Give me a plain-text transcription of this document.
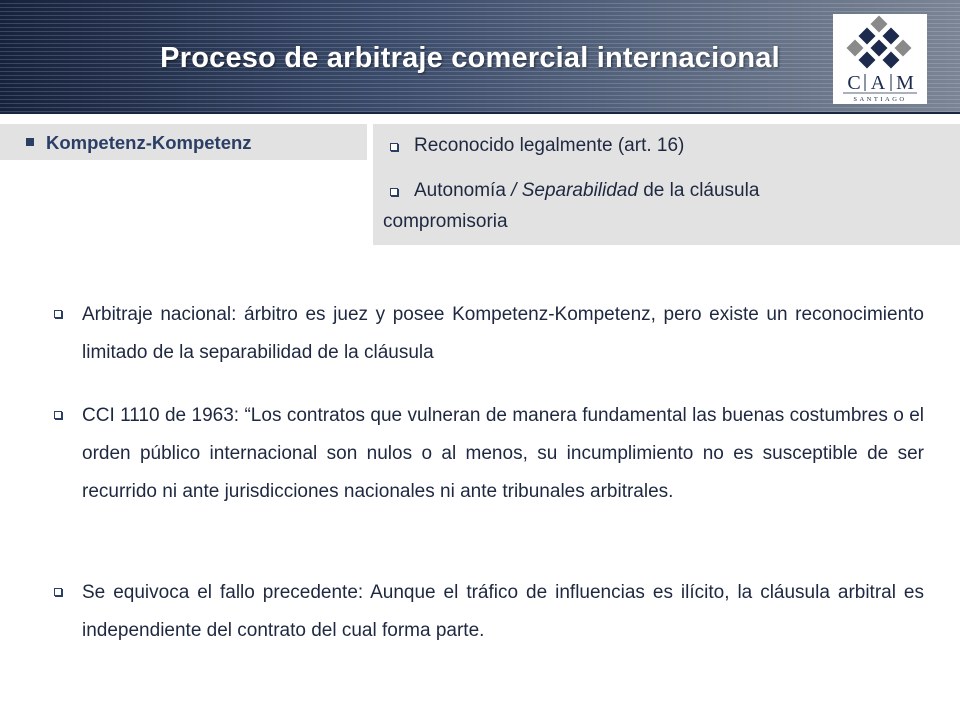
Proceso de arbitraje comercial internacional
C A M
SANTIAGO
Kompetenz-Kompetenz	Reconocido legalmente (art. 16)
Autonomía / Separabilidad de la cláusula
compromisoria

Arbitraje nacional: árbitro es juez y posee Kompetenz-Kompetenz, pero existe un reconocimiento limitado de la separabilidad de la cláusula

CCI 1110 de 1963: “Los contratos que vulneran de manera fundamental las buenas costumbres o el orden público internacional son nulos o al menos, su incumplimiento no es susceptible de ser recurrido ni ante jurisdicciones nacionales ni ante tribunales arbitrales.

Se equivoca el fallo precedente: Aunque el tráfico de influencias es ilícito, la cláusula arbitral es independiente del contrato del cual forma parte.
